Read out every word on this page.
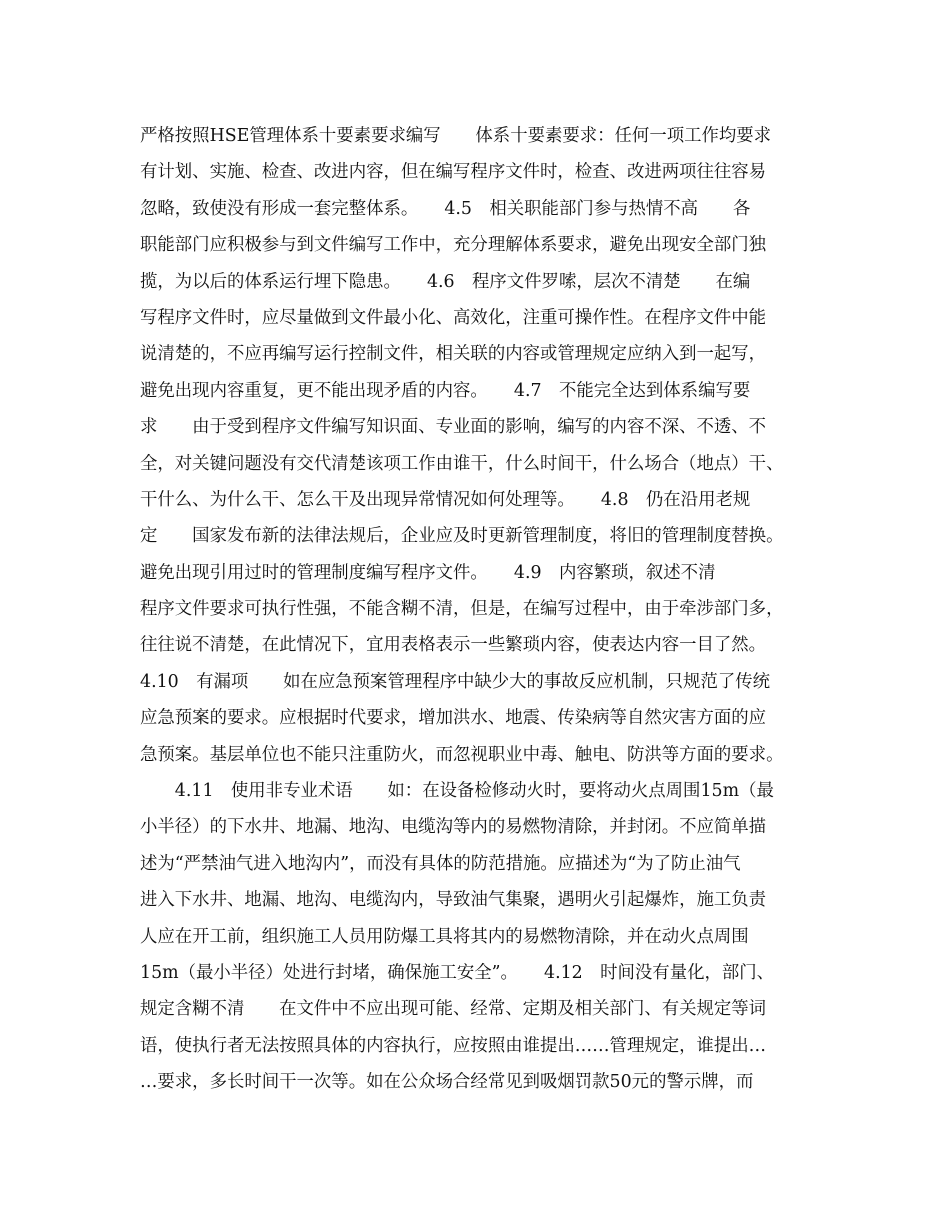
严格按照HSE管理体系十要素要求编写　　体系十要素要求：任何一项工作均要求
有计划、实施、检查、改进内容，但在编写程序文件时，检查、改进两项往往容易
忽略，致使没有形成一套完整体系。　　4.5　相关职能部门参与热情不高　　各
职能部门应积极参与到文件编写工作中，充分理解体系要求，避免出现安全部门独
揽，为以后的体系运行埋下隐患。　　4.6　程序文件罗嗦，层次不清楚　　在编
写程序文件时，应尽量做到文件最小化、高效化，注重可操作性。在程序文件中能
说清楚的，不应再编写运行控制文件，相关联的内容或管理规定应纳入到一起写，
避免出现内容重复，更不能出现矛盾的内容。　　4.7　不能完全达到体系编写要
求　　由于受到程序文件编写知识面、专业面的影响，编写的内容不深、不透、不
全，对关键问题没有交代清楚该项工作由谁干，什么时间干，什么场合（地点）干、
干什么、为什么干、怎么干及出现异常情况如何处理等。　　4.8　仍在沿用老规
定　　国家发布新的法律法规后，企业应及时更新管理制度，将旧的管理制度替换。
避免出现引用过时的管理制度编写程序文件。　　4.9　内容繁琐，叙述不清
程序文件要求可执行性强，不能含糊不清，但是，在编写过程中，由于牵涉部门多，
往往说不清楚，在此情况下，宜用表格表示一些繁琐内容，使表达内容一目了然。
4.10　有漏项　　如在应急预案管理程序中缺少大的事故反应机制，只规范了传统
应急预案的要求。应根据时代要求，增加洪水、地震、传染病等自然灾害方面的应
急预案。基层单位也不能只注重防火，而忽视职业中毒、触电、防洪等方面的要求。
　　4.11　使用非专业术语　　如：在设备检修动火时，要将动火点周围15m（最
小半径）的下水井、地漏、地沟、电缆沟等内的易燃物清除，并封闭。不应简单描
述为“严禁油气进入地沟内”，而没有具体的防范措施。应描述为“为了防止油气
进入下水井、地漏、地沟、电缆沟内，导致油气集聚，遇明火引起爆炸，施工负责
人应在开工前，组织施工人员用防爆工具将其内的易燃物清除，并在动火点周围
15m（最小半径）处进行封堵，确保施工安全”。　　4.12　时间没有量化，部门、
规定含糊不清　　在文件中不应出现可能、经常、定期及相关部门、有关规定等词
语，使执行者无法按照具体的内容执行，应按照由谁提出……管理规定，谁提出…
…要求，多长时间干一次等。如在公众场合经常见到吸烟罚款50元的警示牌，而
